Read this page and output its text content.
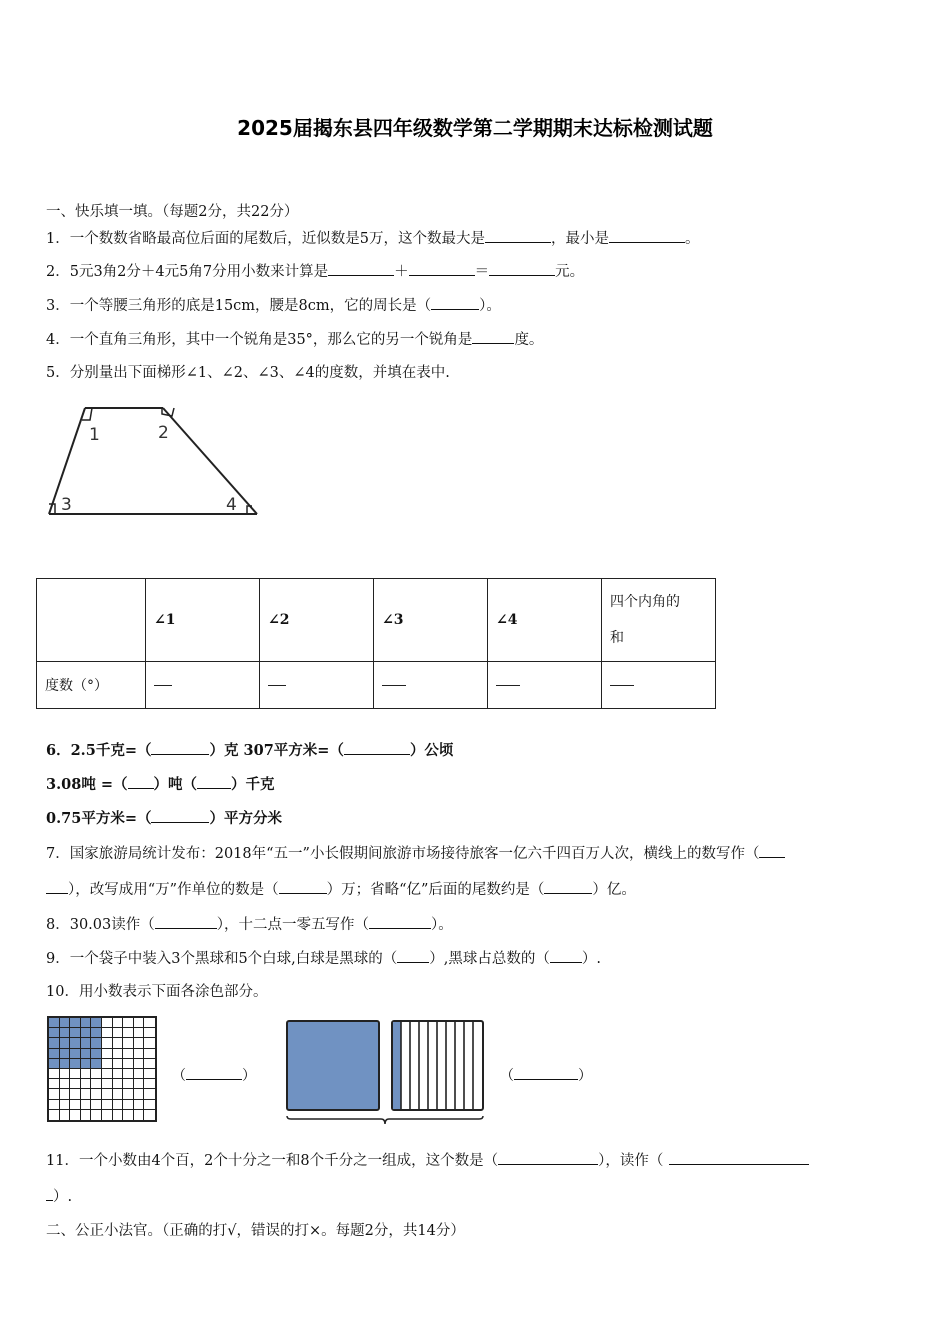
2025届揭东县四年级数学第二学期期末达标检测试题
一、快乐填一填。（每题2分，共22分）
1．一个数数省略最高位后面的尾数后，近似数是5万，这个数最大是	，最小是	。
2．5元3角2分＋4元5角7分用小数来计算是	＋	＝	元。
3．一个等腰三角形的底是15cm，腰是8cm，它的周长是（	）。
4．一个直角三角形，其中一个锐角是35°，那么它的另一个锐角是	度。
5．分别量出下面梯形∠1、∠2、∠3、∠4的度数，并填在表中.
1	2
3	4
	∠1	∠2	∠3	∠4	四个内角的
和
度数（°）					
6．2.5千克=（	）克 307平方米=（	）公顷
3.08吨 =（ ）吨（ ）千克
0.75平方米=（	）平方分米
7．国家旅游局统计发布：2018年“五一”小长假期间旅游市场接待旅客一亿六千四百万人次，横线上的数写作（
），改写成用“万”作单位的数是（	）万；省略“亿”后面的尾数约是（	）亿。
8．30.03读作（	），十二点一零五写作（	）。
9．一个袋子中装入3个黑球和5个白球,白球是黑球的（ ）,黑球占总数的（ ）.
10．用小数表示下面各涂色部分。
（	）	（	）
11．一个小数由4个百，2个十分之一和8个千分之一组成，这个数是（	），读作（
）.
二、公正小法官。（正确的打√，错误的打×。每题2分，共14分）
